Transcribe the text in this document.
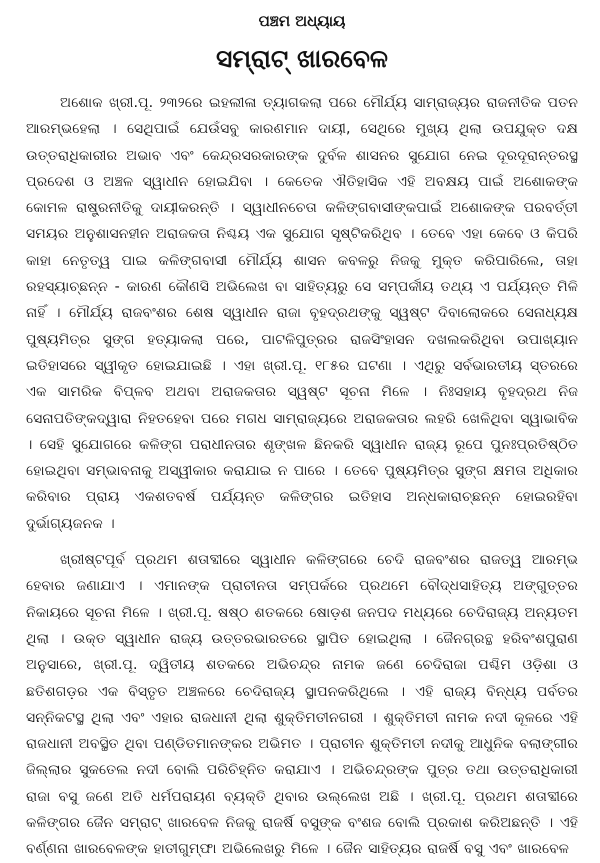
ପଞ୍ଚମ ଅଧ୍ୟାୟ
ସମ୍ରାଟ୍ ଖାରବେଳ

ଅଶୋକ ଖ୍ରୀ.ପୂ. ୨୩୨ରେ ଇହଲୀଳା ତ୍ୟାଗକଲା ପରେ ମୌର୍ଯ୍ୟ ସାମ୍ରାଜ୍ୟର ରାଜନୀତିକ ପତନ ଆରମ୍ଭହେଲା । ସେଥିପାଇଁ ଯେଉଁସବୁ କାରଣମାନ ଦାୟୀ, ସେଥିରେ ମୁଖ୍ୟ ଥିଲା ଉପଯୁକ୍ତ ଦକ୍ଷ ଉତ୍ତରାଧିକାରୀର ଅଭାବ ଏବଂ କେନ୍ଦ୍ରସରକାରଙ୍କ ଦୁର୍ବଳ ଶାସନର ସୁଯୋଗ ନେଇ ଦୂରଦୂରାନ୍ତରସ୍ଥ ପ୍ରଦେଶ ଓ ଅଞ୍ଚଳ ସ୍ୱାଧୀନ ହୋଇଯିବା । କେତେକ ଐତିହାସିକ ଏହି ଅବକ୍ଷୟ ପାଇଁ ଅଶୋକଙ୍କ କୋମଳ ରାଷ୍ଟ୍ରନୀତିକୁ ଦାୟୀକରନ୍ତି । ସ୍ୱାଧୀନଚେତା କଳିଙ୍ଗବାସୀଙ୍କପାଇଁ ଅଶୋକଙ୍କ ପରବର୍ତ୍ତୀ ସମୟର ଅନୁଶାସନହୀନ ଅରାଜକତା ନିଶ୍ଚୟ ଏକ ସୁଯୋଗ ସୃଷ୍ଟିକରିଥିବ । ତେବେ ଏହା କେବେ ଓ କିପରି କାହା ନେତୃତ୍ୱ ପାଇ କଳିଙ୍ଗବାସୀ ମୌର୍ଯ୍ୟ ଶାସନ କବଳରୁ ନିଜକୁ ମୁକ୍ତ କରିପାରିଲେ, ତାହା ରହସ୍ୟାଚ୍ଛନ୍ନ - କାରଣ କୌଣସି ଅଭିଲେଖ ବା ସାହିତ୍ୟରୁ ସେ ସମ୍ପର୍କୀୟ ତଥ୍ୟ ଏ ପର୍ଯ୍ୟନ୍ତ ମିଳି ନାହିଁ । ମୌର୍ଯ୍ୟ ରାଜବଂଶର ଶେଷ ସ୍ୱାଧୀନ ରାଜା ବୃହଦ୍ରଥଙ୍କୁ ସ୍ୱଷ୍ଟ ଦିବାଲୋକରେ ସେନାଧ୍ୟକ୍ଷ ପୁଷ୍ୟମିତ୍ର ସୁଙ୍ଗ ହତ୍ୟାକଲା ପରେ, ପାଟଳିପୁତ୍ରର ରାଜସିଂହାସନ ଦଖଲକରିଥିବା ଉପାଖ୍ୟାନ ଇତିହାସରେ ସ୍ୱୀକୃତ ହୋଇଯାଇଛି । ଏହା ଖ୍ରୀ.ପୂ. ୧୮୫ର ଘଟଣା । ଏଥିରୁ ସର୍ବଭାରତୀୟ ସ୍ତରରେ ଏକ ସାମରିକ ବିପ୍ଳବ ଅଥବା ଅରାଜକତାର ସ୍ୱଷ୍ଟ ସୂଚନା ମିଳେ । ନିଃସହାୟ ବୃହଦ୍ରଥ ନିଜ ସେନାପତିଙ୍କଦ୍ୱାରା ନିହତହେବା ପରେ ମଗଧ ସାମ୍ରାଜ୍ୟରେ ଅରାଜକତାର ଲହରି ଖେଳିଥିବା ସ୍ୱାଭାବିକ । ସେହି ସୁଯୋଗରେ କଳିଙ୍ଗ ପରାଧୀନତାର ଶୃଙ୍ଖଳ ଛିନକରି ସ୍ୱାଧୀନ ରାଜ୍ୟ ରୂପେ ପୁନଃପ୍ରତିଷ୍ଠିତ ହୋଇଥିବା ସମ୍ଭାବନାକୁ ଅସ୍ୱୀକାର କରାଯାଇ ନ ପାରେ । ତେବେ ପୁଷ୍ୟମିତ୍ର ସୁଙ୍ଗ କ୍ଷମତା ଅଧିକାର କରିବାର ପ୍ରାୟ ଏକଶତବର୍ଷ ପର୍ଯ୍ୟନ୍ତ କଳିଙ୍ଗର ଇତିହାସ ଅନ୍ଧକାରାଚ୍ଛନ୍ନ ହୋଇରହିବା ଦୁର୍ଭାଗ୍ୟଜନକ ।

ଖ୍ରୀଷ୍ଟପୂର୍ବ ପ୍ରଥମ ଶତାବ୍ଦୀରେ ସ୍ୱାଧୀନ କଳିଙ୍ଗରେ ଚେଦି ରାଜବଂଶର ରାଜତ୍ୱ ଆରମ୍ଭ ହେବାର ଜଣାଯାଏ । ଏମାନଙ୍କ ପ୍ରାଚୀନତା ସମ୍ପର୍କରେ ପ୍ରଥମେ ବୌଦ୍ଧସାହିତ୍ୟ ଅଙ୍ଗୁତ୍ତର ନିକାୟରେ ସୂଚନା ମିଳେ । ଖ୍ରୀ.ପୂ. ଷଷ୍ଠ ଶତକରେ ଷୋଡ଼ଶ ଜନପଦ ମଧ୍ୟରେ ଚେଦିରାଜ୍ୟ ଅନ୍ୟତମ ଥିଲା । ଉକ୍ତ ସ୍ୱାଧୀନ ରାଜ୍ୟ ଉତ୍ତରଭାରତରେ ସ୍ଥାପିତ ହୋଇଥିଲା । ଜୈନଗ୍ରନ୍ଥ ହରିବଂଶପୁରାଣ ଅନୁସାରେ, ଖ୍ରୀ.ପୂ. ଦ୍ୱିତୀୟ ଶତକରେ ଅଭିଚନ୍ଦ୍ର ନାମକ ଜଣେ ଚେଦିରାଜା ପଶ୍ଚିମ ଓଡ଼ିଶା ଓ ଛତିଶଗଡ଼ର ଏକ ବିସ୍ତୃତ ଅଞ୍ଚଳରେ ଚେଦିରାଜ୍ୟ ସ୍ଥାପନକରିଥିଲେ । ଏହି ରାଜ୍ୟ ବିନ୍ଧ୍ୟ ପର୍ବତର ସନ୍ନିକଟସ୍ଥ ଥିଲା ଏବଂ ଏହାର ରାଜଧାନୀ ଥିଲା ଶୁକ୍ତିମତୀନଗରୀ । ଶୁକ୍ତିମତୀ ନାମକ ନଦୀ କୂଳରେ ଏହି ରାଜଧାନୀ ଅବସ୍ଥିତ ଥିବା ପଣ୍ଡିତମାନଙ୍କର ଅଭିମତ । ପ୍ରାଚୀନ ଶୁକ୍ତିମତୀ ନଦୀକୁ ଆଧୁନିକ ବଲାଙ୍ଗୀର ଜିଲ୍ଲାର ସୁକତେଲ ନଦୀ ବୋଲି ପରିଚିହ୍ନିତ କରାଯାଏ । ଅଭିଚନ୍ଦ୍ରଙ୍କ ପୁତ୍ର ତଥା ଉତ୍ତରାଧିକାରୀ ରାଜା ବସୁ ଜଣେ ଅତି ଧର୍ମପରାୟଣ ବ୍ୟକ୍ତି ଥିବାର ଉଲ୍ଲେଖ ଅଛି । ଖ୍ରୀ.ପୂ. ପ୍ରଥମ ଶତାବ୍ଦୀରେ କଳିଙ୍ଗର ଜୈନ ସମ୍ରାଟ୍ ଖାରବେଳ ନିଜକୁ ରାଜର୍ଷି ବସୁଙ୍କ ବଂଶଜ ବୋଲି ପ୍ରକାଶ କରିଅଛନ୍ତି । ଏହି ବର୍ଣ୍ଣନା ଖାରବେଳଙ୍କ ହାତୀଗୁମ୍ଫା ଅଭିଲେଖରୁ ମିଳେ । ଜୈନ ସାହିତ୍ୟର ରାଜର୍ଷି ବସୁ ଏବଂ ଖାରବେଳ
